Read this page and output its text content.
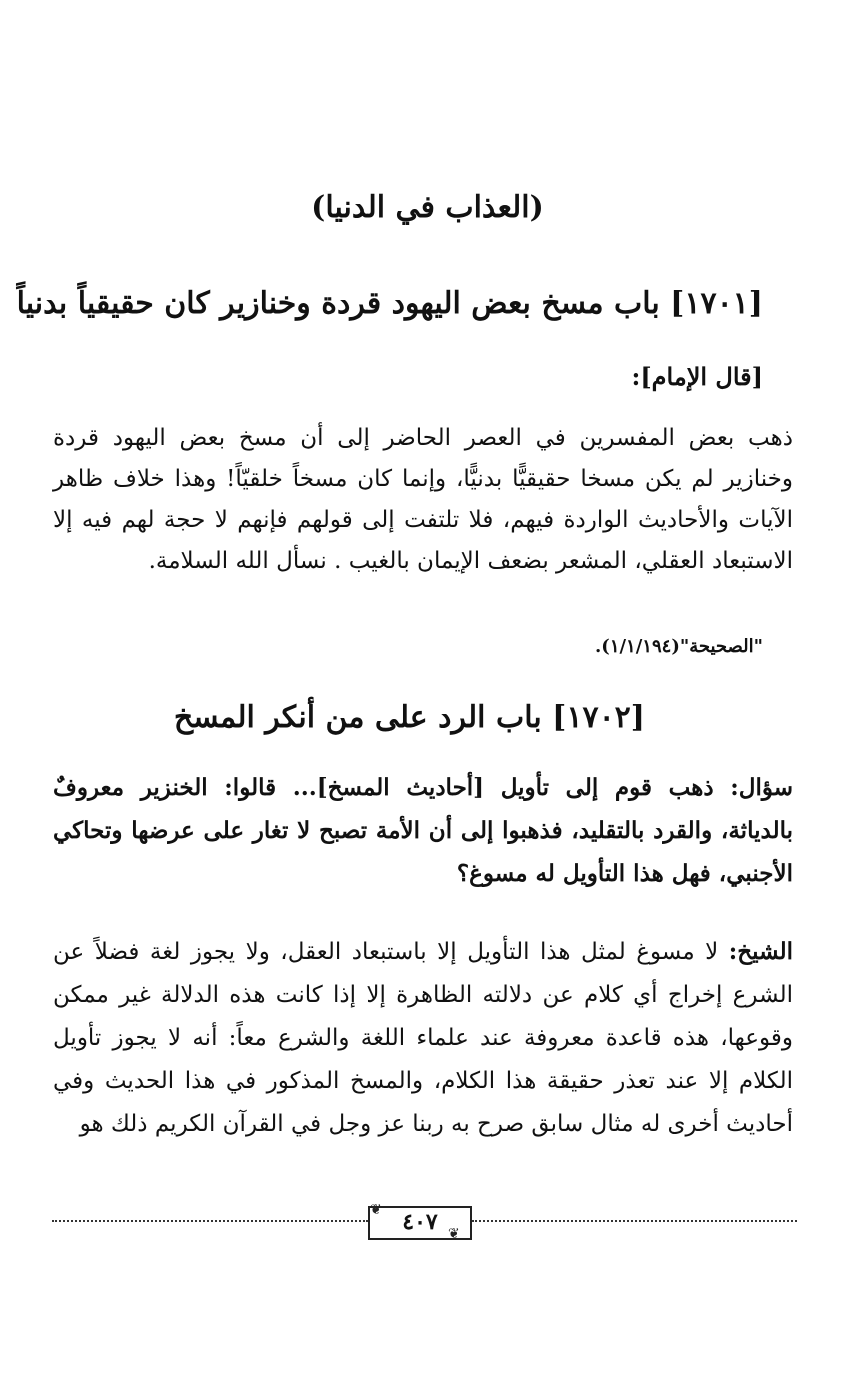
(العذاب في الدنيا)
[١٧٠١] باب مسخ بعض اليهود قردة وخنازير كان حقيقياً بدنياً
[قال الإمام]:
ذهب بعض المفسرين في العصر الحاضر إلى أن مسخ بعض اليهود قردة وخنازير لم يكن مسخا حقيقيًّا بدنيًّا، وإنما كان مسخاً خلقيّاً! وهذا خلاف ظاهر الآيات والأحاديث الواردة فيهم، فلا تلتفت إلى قولهم فإنهم لا حجة لهم فيه إلا الاستبعاد العقلي، المشعر بضعف الإيمان بالغيب . نسأل الله السلامة.
"الصحيحة"(١/١/١٩٤).
[١٧٠٢] باب الرد على من أنكر المسخ
سؤال: ذهب قوم إلى تأويل [أحاديث المسخ]... قالوا: الخنزير معروفٌ بالدياثة، والقرد بالتقليد، فذهبوا إلى أن الأمة تصبح لا تغار على عرضها وتحاكي الأجنبي، فهل هذا التأويل له مسوغ؟
الشيخ: لا مسوغ لمثل هذا التأويل إلا باستبعاد العقل، ولا يجوز لغة فضلاً عن الشرع إخراج أي كلام عن دلالته الظاهرة إلا إذا كانت هذه الدلالة غير ممكن وقوعها، هذه قاعدة معروفة عند علماء اللغة والشرع معاً: أنه لا يجوز تأويل الكلام إلا عند تعذر حقيقة هذا الكلام، والمسخ المذكور في هذا الحديث وفي أحاديث أخرى له مثال سابق صرح به ربنا عز وجل في القرآن الكريم ذلك هو
٤٠٧
❦
❦
